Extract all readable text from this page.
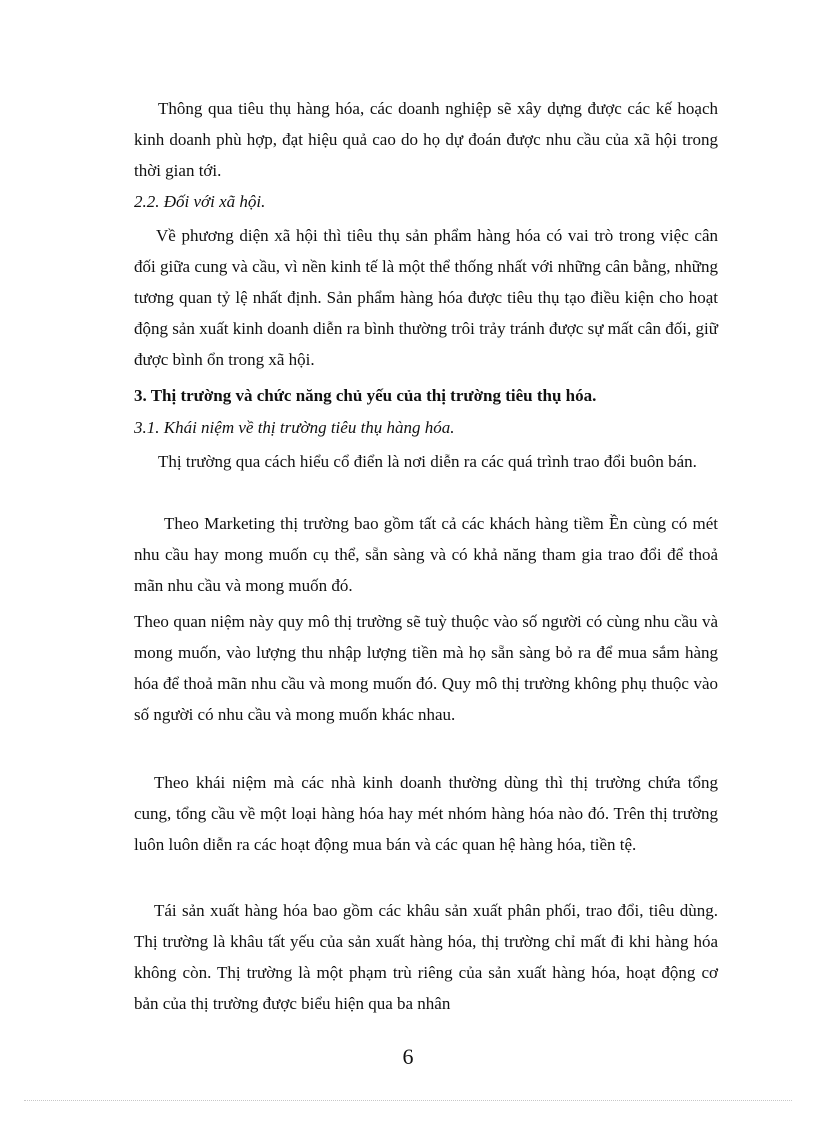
Thông qua tiêu thụ hàng hóa, các doanh nghiệp sẽ xây dựng được các kế hoạch kinh doanh phù hợp, đạt hiệu quả cao do họ dự đoán được nhu cầu của xã hội trong thời gian tới.

2.2. Đối với xã hội.

Về phương diện xã hội thì tiêu thụ sản phẩm hàng hóa có vai trò trong việc cân đối giữa cung và cầu, vì nền kinh tế là một thể thống nhất với những cân bằng, những tương quan tỷ lệ nhất định. Sản phẩm hàng hóa được tiêu thụ tạo điều kiện cho hoạt động sản xuất kinh doanh diễn ra bình thường trôi trảy tránh được sự mất cân đối, giữ được bình ổn trong xã hội.

3. Thị trường và chức năng chủ yếu của thị trường tiêu thụ hóa.

3.1. Khái niệm về thị trường tiêu thụ hàng hóa.

Thị trường qua cách hiểu cổ điển là nơi diễn ra các quá trình trao đổi buôn bán.

Theo Marketing thị trường bao gồm tất cả các khách hàng tiềm Ền cùng có mét nhu cầu hay mong muốn cụ thể, sẵn sàng và có khả năng tham gia trao đổi để thoả mãn nhu cầu và mong muốn đó.

Theo quan niệm này quy mô thị trường sẽ tuỳ thuộc vào số người có cùng nhu cầu và mong muốn, vào lượng thu nhập lượng tiền mà họ sẵn sàng bỏ ra để mua sắm hàng hóa để thoả mãn nhu cầu và mong muốn đó. Quy mô thị trường không phụ thuộc vào số người có nhu cầu và mong muốn khác nhau.

Theo khái niệm mà các nhà kinh doanh thường dùng thì thị trường chứa tổng cung, tổng cầu về một loại hàng hóa hay mét nhóm hàng hóa nào đó. Trên thị trường luôn luôn diễn ra các hoạt động mua bán và các quan hệ hàng hóa, tiền tệ.

Tái sản xuất hàng hóa bao gồm các khâu sản xuất phân phối, trao đổi, tiêu dùng. Thị trường là khâu tất yếu của sản xuất hàng hóa, thị trường chỉ mất đi khi hàng hóa không còn. Thị trường là một phạm trù riêng của sản xuất hàng hóa, hoạt động cơ bản của thị trường được biểu hiện qua ba nhân

6
